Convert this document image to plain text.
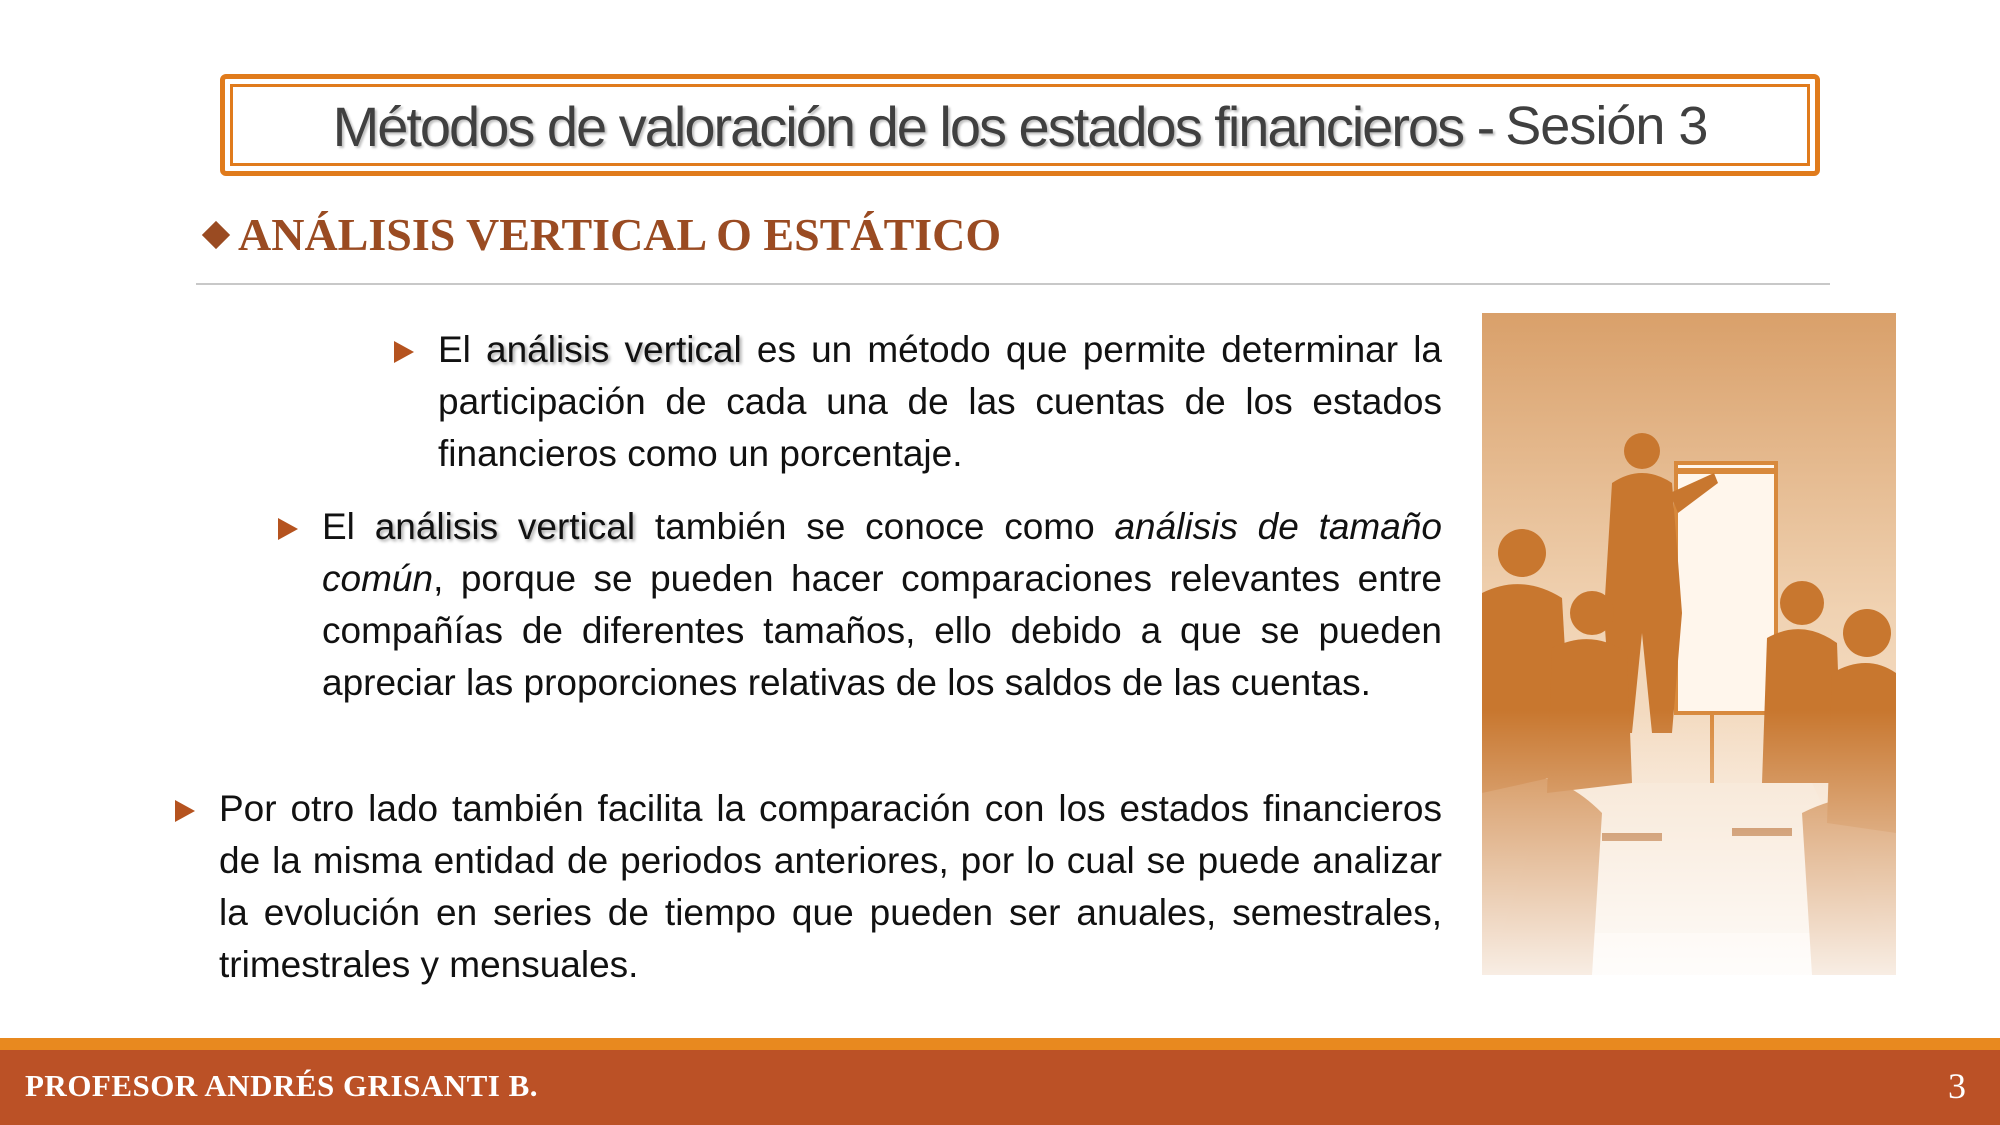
Métodos de valoración de los estados financieros - Sesión 3
ANÁLISIS VERTICAL O ESTÁTICO
El análisis vertical es un método que permite determinar la participación de cada una de las cuentas de los estados financieros como un porcentaje.
El análisis vertical también se conoce como análisis de tamaño común, porque se pueden hacer comparaciones relevantes entre compañías de diferentes tamaños, ello debido a que se pueden apreciar las proporciones relativas de los saldos de las cuentas.
Por otro lado también facilita la comparación con los estados financieros de la misma entidad de periodos anteriores, por lo cual se puede analizar la evolución en series de tiempo que pueden ser anuales, semestrales, trimestrales y mensuales.
PROFESOR ANDRÉS GRISANTI B.	3
